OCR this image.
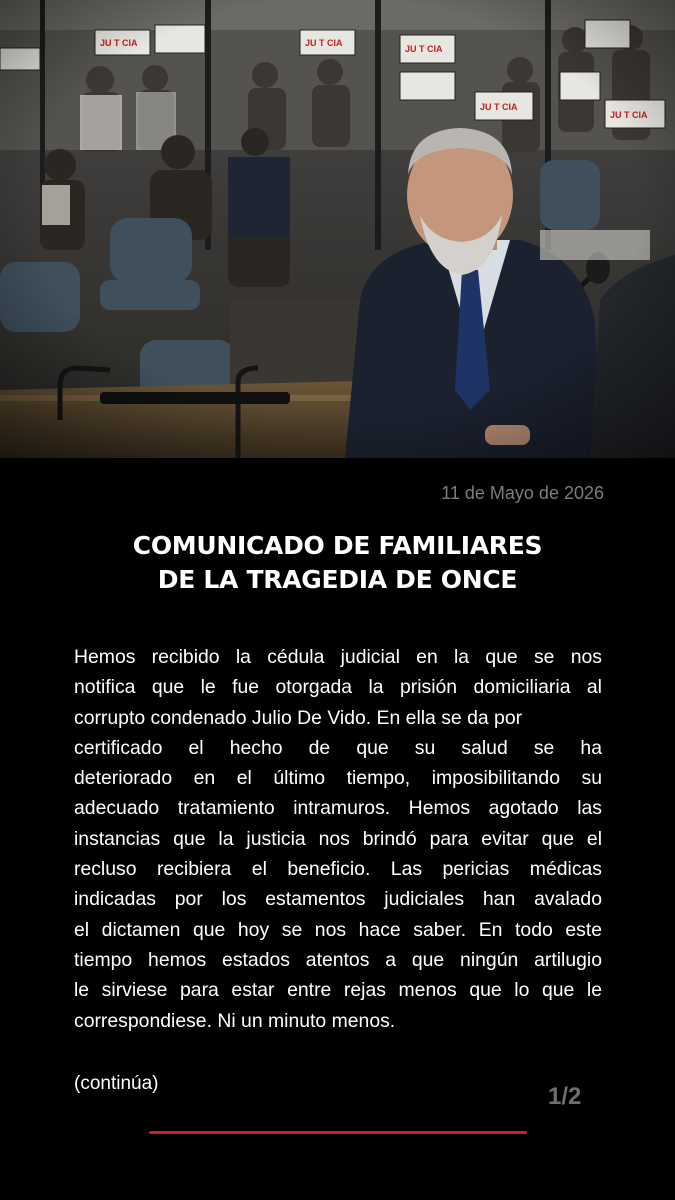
11 de Mayo de 2026
COMUNICADO DE FAMILIARES
DE LA TRAGEDIA DE ONCE
Hemos recibido la cédula judicial en la que se nos
notifica que le fue otorgada la prisión domiciliaria al
corrupto condenado Julio De Vido. En ella se da por
certificado el hecho de que su salud se ha
deteriorado en el último tiempo, imposibilitando su
adecuado tratamiento intramuros. Hemos agotado las
instancias que la justicia nos brindó para evitar que el
recluso recibiera el beneficio. Las pericias médicas
indicadas por los estamentos judiciales han avalado
el dictamen que hoy se nos hace saber. En todo este
tiempo hemos estados atentos a que ningún artilugio
le sirviese para estar entre rejas menos que lo que le
correspondiese. Ni un minuto menos.
(continúa)	1/2
